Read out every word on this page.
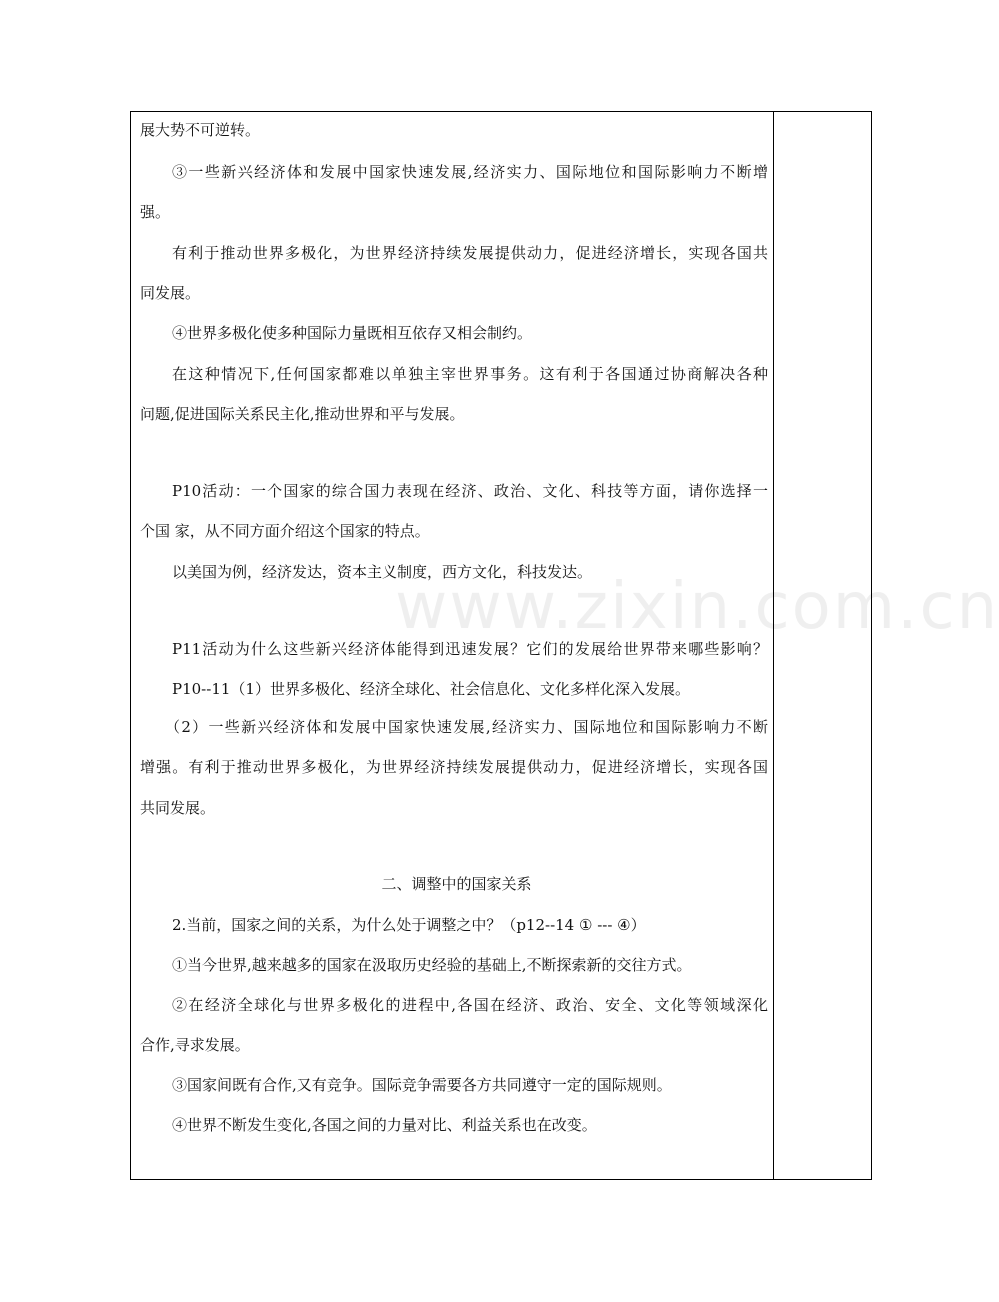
www.zixin.com.cn
展大势不可逆转。
③一些新兴经济体和发展中国家快速发展,经济实力、国际地位和国际影响力不断增
强。
有利于推动世界多极化，为世界经济持续发展提供动力，促进经济增长，实现各国共
同发展。
④世界多极化使多种国际力量既相互依存又相会制约。
在这种情况下,任何国家都难以单独主宰世界事务。这有利于各国通过协商解决各种
问题,促进国际关系民主化,推动世界和平与发展。
P10活动：一个国家的综合国力表现在经济、政治、文化、科技等方面，请你选择一
个国 家，从不同方面介绍这个国家的特点。
以美国为例，经济发达，资本主义制度，西方文化，科技发达。
P11活动为什么这些新兴经济体能得到迅速发展？它们的发展给世界带来哪些影响？
P10--11（1）世界多极化、经济全球化、社会信息化、文化多样化深入发展。
（2）一些新兴经济体和发展中国家快速发展,经济实力、国际地位和国际影响力不断
增强。有利于推动世界多极化，为世界经济持续发展提供动力，促进经济增长，实现各国
共同发展。
二、调整中的国家关系
2.当前，国家之间的关系，为什么处于调整之中？（p12--14 ① --- ④）
①当今世界,越来越多的国家在汲取历史经验的基础上,不断探索新的交往方式。
②在经济全球化与世界多极化的进程中,各国在经济、政治、安全、文化等领域深化
合作,寻求发展。
③国家间既有合作,又有竞争。国际竞争需要各方共同遵守一定的国际规则。
④世界不断发生变化,各国之间的力量对比、利益关系也在改变。
